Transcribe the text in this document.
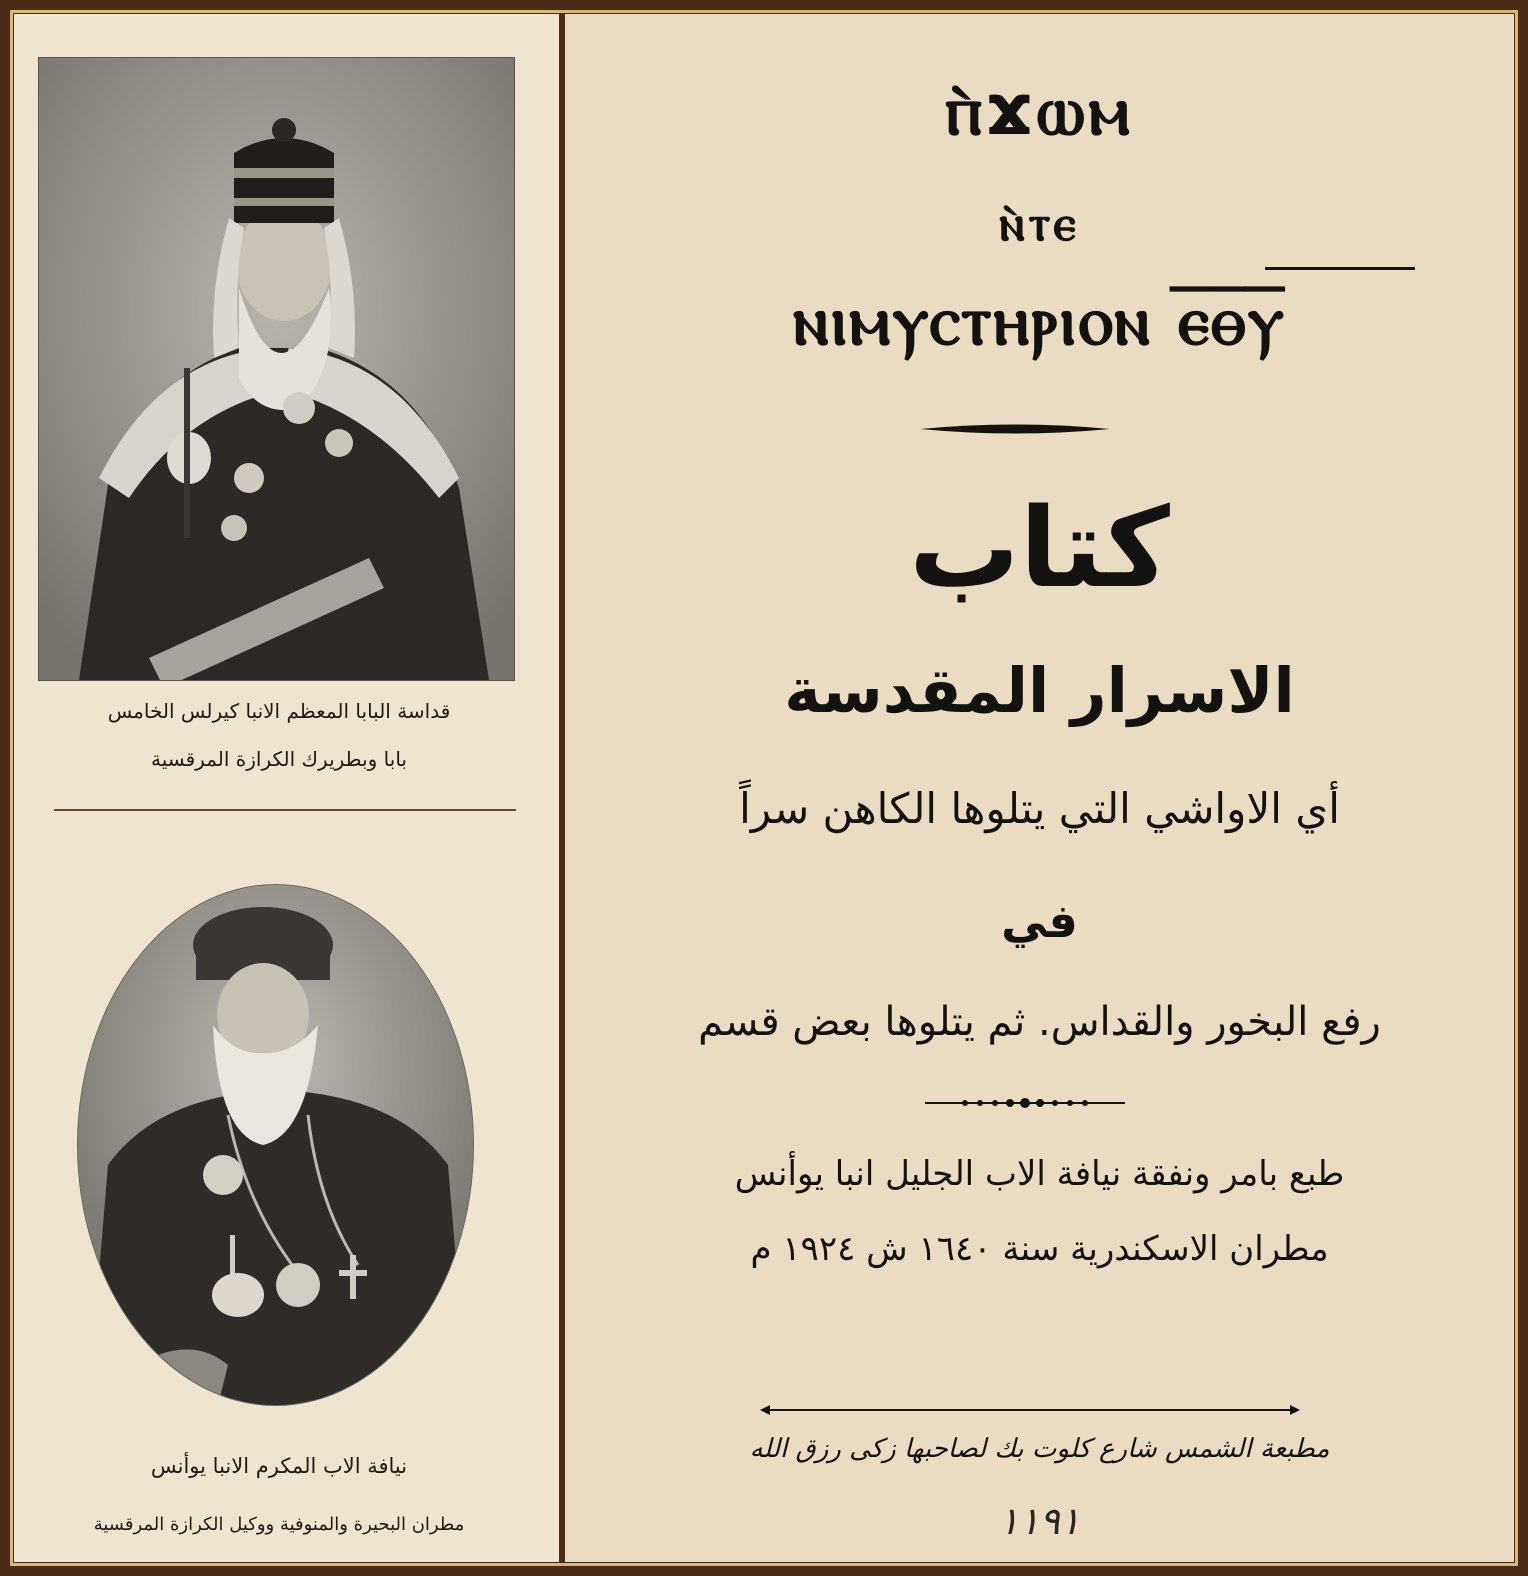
قداسة البابا المعظم الانبا كيرلس الخامس
بابا وبطريرك الكرازة المرقسية
نيافة الاب المكرم الانبا يوأنس
مطران البحيرة والمنوفية ووكيل الكرازة المرقسية
ⲡ̀ϫⲱⲙ
ⲛ̀ⲧⲉ
ⲛⲓⲙⲩⲥⲧⲏⲣⲓⲟⲛ ⲉ̅ⲑ̅ⲩ̅
كتاب
الاسرار المقدسة
أي الاواشي التي يتلوها الكاهن سراً
في
رفع البخور والقداس. ثم يتلوها بعض قسم
طبع بامر ونفقة نيافة الاب الجليل انبا يوأنس
مطران الاسكندرية سنة ١٦٤٠ ش ١٩٢٤ م
مطبعة الشمس شارع كلوت بك لصاحبها زكى رزق الله
١١٩١
